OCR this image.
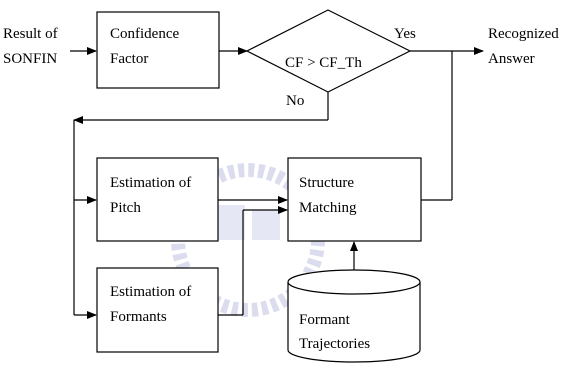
1896
Result of
SONFIN
Confidence
Factor	CF > CF_Th
Yes	Recognized
Answer
No
Estimation of
Pitch
Estimation of
Formants
Structure
Matching
Formant
Trajectories
